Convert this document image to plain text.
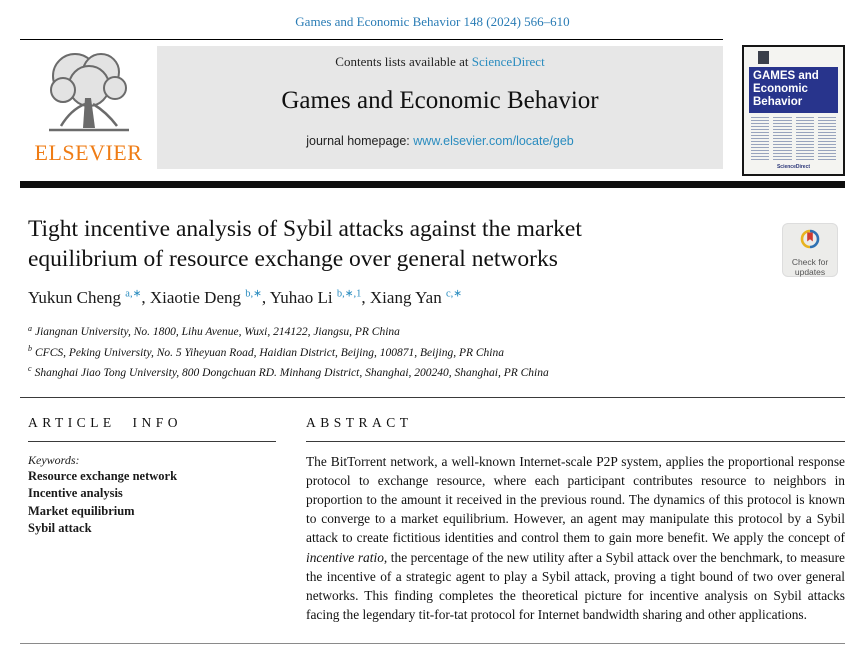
Games and Economic Behavior 148 (2024) 566–610
ELSEVIER
Contents lists available at ScienceDirect
Games and Economic Behavior
journal homepage: www.elsevier.com/locate/geb
GAMES and
Economic
Behavior
ScienceDirect
Check for
updates
Tight incentive analysis of Sybil attacks against the market
equilibrium of resource exchange over general networks
Yukun Cheng $^{a,∗}$, Xiaotie Deng $^{b,∗}$, Yuhao Li $^{b,∗,1}$, Xiang Yan $^{c,∗}$
$^a$ Jiangnan University, No. 1800, Lihu Avenue, Wuxi, 214122, Jiangsu, PR China
$^b$ CFCS, Peking University, No. 5 Yiheyuan Road, Haidian District, Beijing, 100871, Beijing, PR China
$^c$ Shanghai Jiao Tong University, 800 Dongchuan RD. Minhang District, Shanghai, 200240, Shanghai, PR China
ARTICLE INFO
Keywords:
Resource exchange network
Incentive analysis
Market equilibrium
Sybil attack
ABSTRACT
The BitTorrent network, a well-known Internet-scale P2P system, applies the proportional response protocol to exchange resource, where each participant contributes resource to neighbors in proportion to the amount it received in the previous round. The dynamics of this protocol is known to converge to a market equilibrium. However, an agent may manipulate this protocol by a Sybil attack to create fictitious identities and control them to gain more benefit. We apply the concept of incentive ratio, the percentage of the new utility after a Sybil attack over the benchmark, to measure the incentive of a strategic agent to play a Sybil attack, proving a tight bound of two over general networks. This finding completes the theoretical picture for incentive analysis on Sybil attacks facing the legendary tit-for-tat protocol for Internet bandwidth sharing and other applications.
